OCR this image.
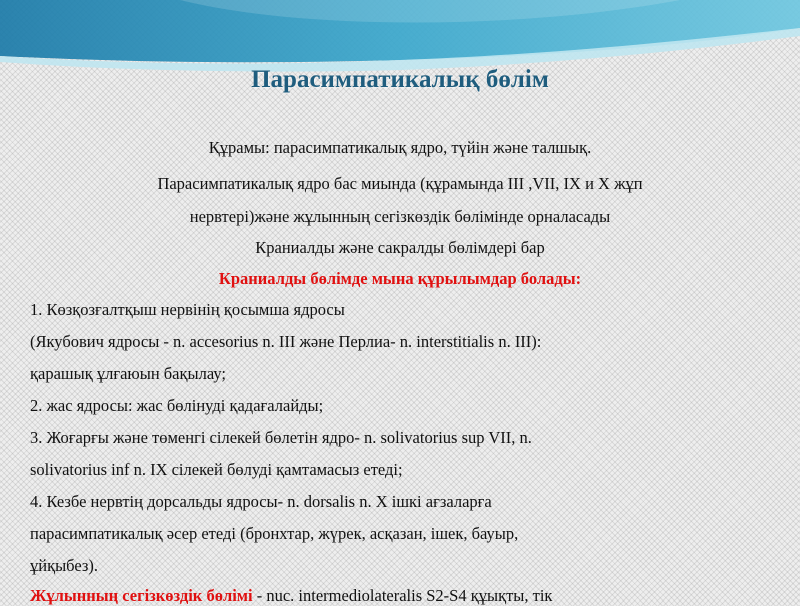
Парасимпатикалық бөлім
Құрамы: парасимпатикалық ядро, түйін және талшық.
Парасимпатикалық ядро бас миында (құрамында III ,VII, IX и X жұп
нервтері)және жұлынның сегізкөздік бөлімінде орналасады
Краниалды және сакралды бөлімдері бар
Краниалды бөлімде мына құрылымдар болады:
1. Көзқозғалтқыш нервінің қосымша ядросы
(Якубович ядросы - n. accesorius n. III және Перлиа- n. interstitialis n. III):
қарашық ұлғаюын бақылау;
2. жас ядросы: жас бөлінуді қадағалайды;
3. Жоғарғы және төменгі сілекей бөлетін ядро- n. solivatorius sup VII, n.
solivatorius inf n. IX сілекей бөлуді қамтамасыз етеді;
4. Кезбе нервтің дорсальды ядросы- n. dorsalis n. X ішкі ағзаларға
парасимпатикалық әсер етеді (бронхтар, жүрек, асқазан, ішек, бауыр,
ұйқыбез).
Жұлынның сегізкөздік бөлімі - nuc. intermediolateralis S2-S4 құықты, тік
